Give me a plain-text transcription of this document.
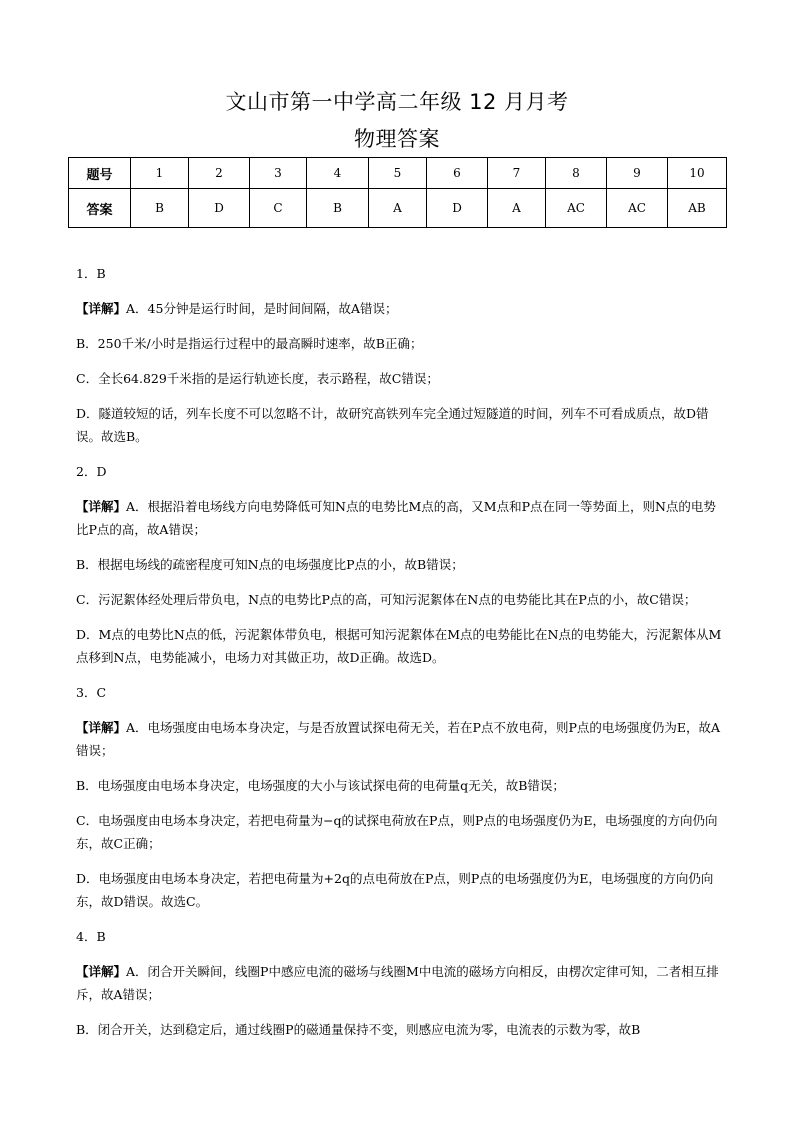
文山市第一中学高二年级 12 月月考
物理答案
题号	1	2	3	4	5	6	7	8	9	10
答案	B	D	C	B	A	D	A	AC	AC	AB

1．B

【详解】A．45分钟是运行时间，是时间间隔，故A错误；

B．250千米/小时是指运行过程中的最高瞬时速率，故B正确；

C．全长64.829千米指的是运行轨迹长度，表示路程，故C错误；

D．隧道较短的话，列车长度不可以忽略不计，故研究高铁列车完全通过短隧道的时间，列车不可看成质点，故D错误。故选B。

2．D

【详解】A．根据沿着电场线方向电势降低可知N点的电势比M点的高，又M点和P点在同一等势面上，则N点的电势比P点的高，故A错误；

B．根据电场线的疏密程度可知N点的电场强度比P点的小，故B错误；

C．污泥絮体经处理后带负电，N点的电势比P点的高，可知污泥絮体在N点的电势能比其在P点的小，故C错误；

D．M点的电势比N点的低，污泥絮体带负电，根据可知污泥絮体在M点的电势能比在N点的电势能大，污泥絮体从M点移到N点，电势能减小，电场力对其做正功，故D正确。故选D。

3．C

【详解】A．电场强度由电场本身决定，与是否放置试探电荷无关，若在P点不放电荷，则P点的电场强度仍为E，故A错误；

B．电场强度由电场本身决定，电场强度的大小与该试探电荷的电荷量q无关，故B错误；

C．电场强度由电场本身决定，若把电荷量为−q的试探电荷放在P点，则P点的电场强度仍为E，电场强度的方向仍向东，故C正确；

D．电场强度由电场本身决定，若把电荷量为+2q的点电荷放在P点，则P点的电场强度仍为E，电场强度的方向仍向东，故D错误。故选C。

4．B

【详解】A．闭合开关瞬间，线圈P中感应电流的磁场与线圈M中电流的磁场方向相反，由楞次定律可知，二者相互排斥，故A错误；

B．闭合开关，达到稳定后，通过线圈P的磁通量保持不变，则感应电流为零，电流表的示数为零，故B
